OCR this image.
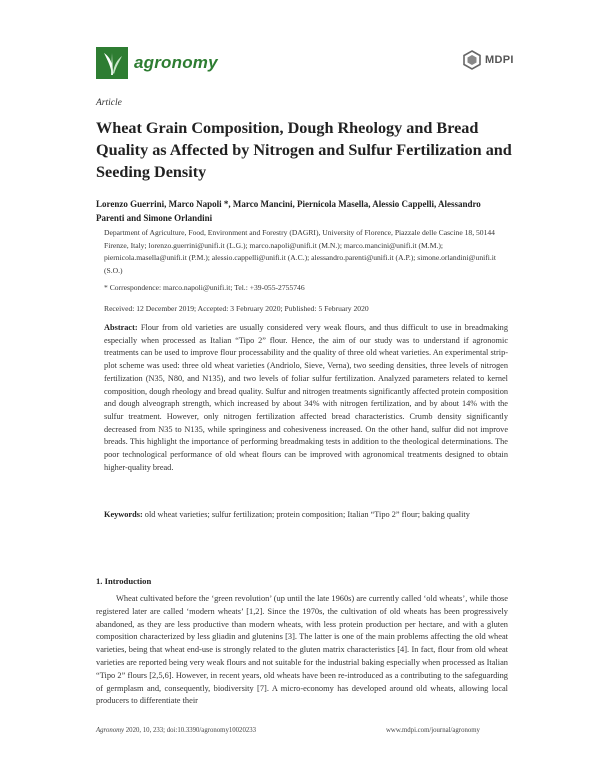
agronomy	MDPI
Article
Wheat Grain Composition, Dough Rheology and Bread Quality as Affected by Nitrogen and Sulfur Fertilization and Seeding Density
Lorenzo Guerrini, Marco Napoli *, Marco Mancini, Piernicola Masella, Alessio Cappelli, Alessandro Parenti and Simone Orlandini
Department of Agriculture, Food, Environment and Forestry (DAGRI), University of Florence, Piazzale delle Cascine 18, 50144 Firenze, Italy; lorenzo.guerrini@unifi.it (L.G.); marco.napoli@unifi.it (M.N.); marco.mancini@unifi.it (M.M.); piernicola.masella@unifi.it (P.M.); alessio.cappelli@unifi.it (A.C.); alessandro.parenti@unifi.it (A.P.); simone.orlandini@unifi.it (S.O.)
* Correspondence: marco.napoli@unifi.it; Tel.: +39-055-2755746
Received: 12 December 2019; Accepted: 3 February 2020; Published: 5 February 2020
Abstract: Flour from old varieties are usually considered very weak flours, and thus difficult to use in breadmaking especially when processed as Italian “Tipo 2” flour. Hence, the aim of our study was to understand if agronomic treatments can be used to improve flour processability and the quality of three old wheat varieties. An experimental strip-plot scheme was used: three old wheat varieties (Andriolo, Sieve, Verna), two seeding densities, three levels of nitrogen fertilization (N35, N80, and N135), and two levels of foliar sulfur fertilization. Analyzed parameters related to kernel composition, dough rheology and bread quality. Sulfur and nitrogen treatments significantly affected protein composition and dough alveograph strength, which increased by about 34% with nitrogen fertilization, and by about 14% with the sulfur treatment. However, only nitrogen fertilization affected bread characteristics. Crumb density significantly decreased from N35 to N135, while springiness and cohesiveness increased. On the other hand, sulfur did not improve breads. This highlight the importance of performing breadmaking tests in addition to the theological determinations. The poor technological performance of old wheat flours can be improved with agronomical treatments designed to obtain higher-quality bread.
Keywords: old wheat varieties; sulfur fertilization; protein composition; Italian “Tipo 2” flour; baking quality
1. Introduction
Wheat cultivated before the ‘green revolution’ (up until the late 1960s) are currently called ‘old wheats’, while those registered later are called ‘modern wheats’ [1,2]. Since the 1970s, the cultivation of old wheats has been progressively abandoned, as they are less productive than modern wheats, with less protein production per hectare, and with a gluten composition characterized by less gliadin and glutenins [3]. The latter is one of the main problems affecting the old wheat varieties, being that wheat end-use is strongly related to the gluten matrix characteristics [4]. In fact, flour from old wheat varieties are reported being very weak flours and not suitable for the industrial baking especially when processed as Italian “Tipo 2” flours [2,5,6]. However, in recent years, old wheats have been re-introduced as a contributing to the safeguarding of germplasm and, consequently, biodiversity [7]. A micro-economy has developed around old wheats, allowing local producers to differentiate their
Agronomy 2020, 10, 233; doi:10.3390/agronomy10020233	www.mdpi.com/journal/agronomy
